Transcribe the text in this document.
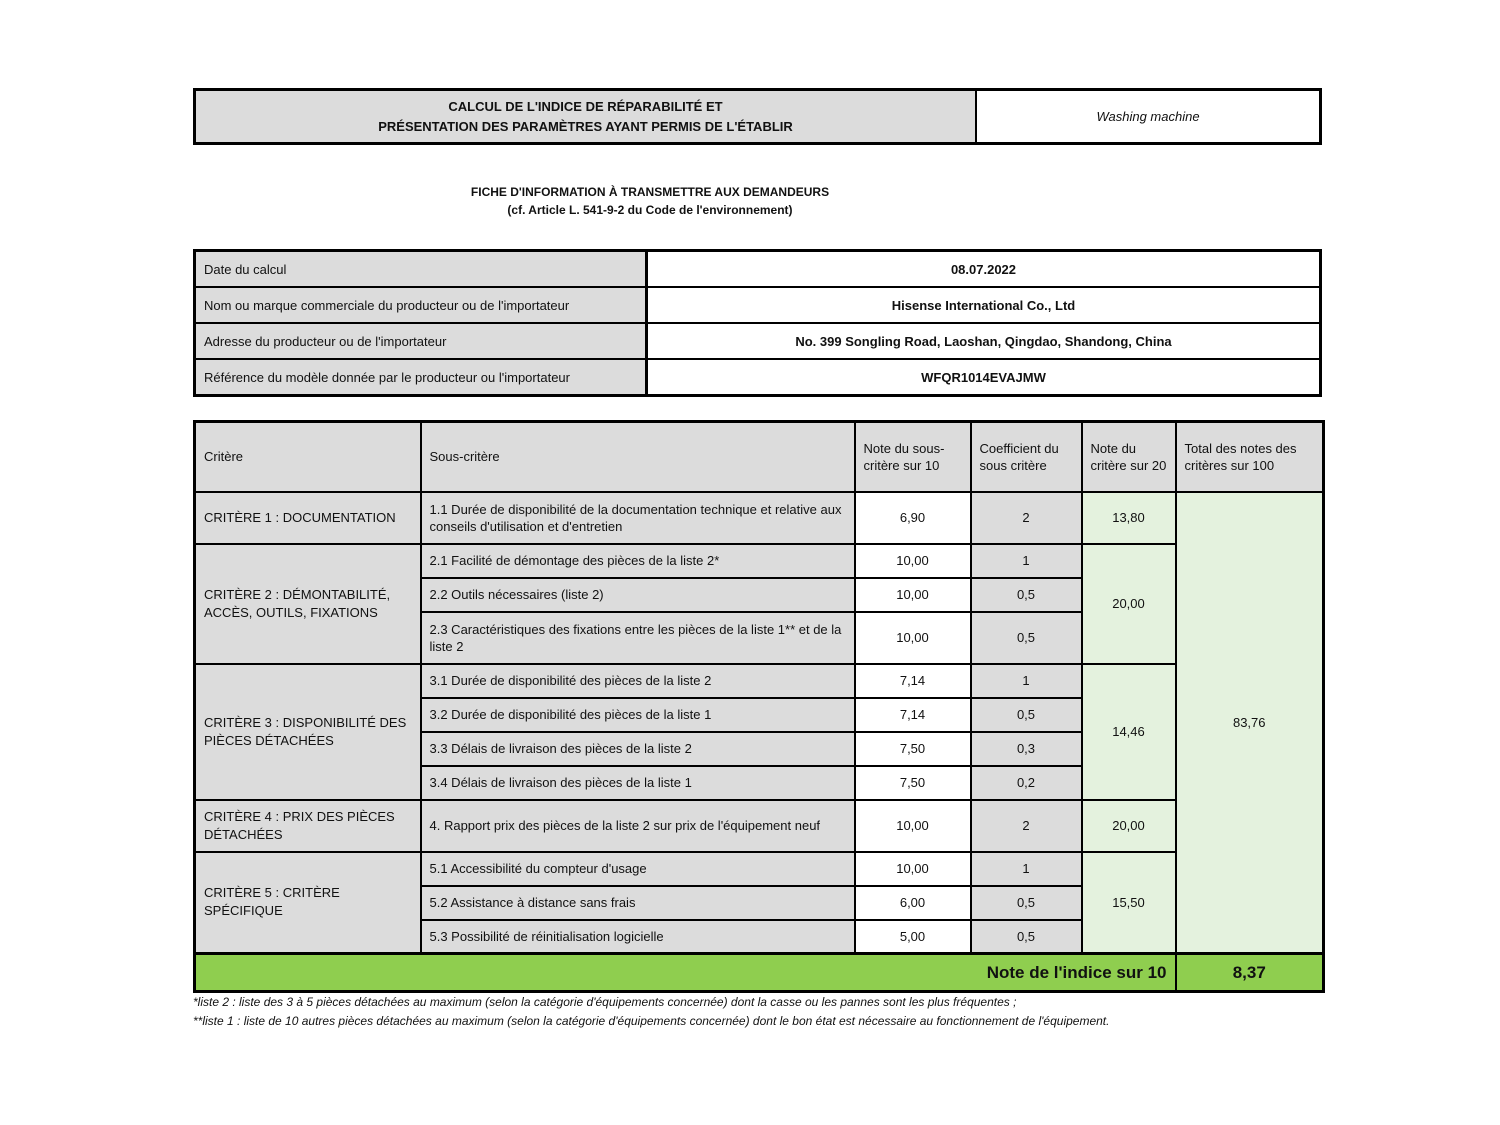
CALCUL DE L'INDICE DE RÉPARABILITÉ ET
PRÉSENTATION DES PARAMÈTRES AYANT PERMIS DE L'ÉTABLIR
Washing machine
FICHE D'INFORMATION À TRANSMETTRE AUX DEMANDEURS
(cf. Article L. 541-9-2 du Code de l'environnement)
Date du calcul	08.07.2022
Nom ou marque commerciale du producteur ou de l'importateur	Hisense International Co., Ltd
Adresse du producteur ou de l'importateur	No. 399 Songling Road, Laoshan, Qingdao, Shandong, China
Référence du modèle donnée par le producteur ou l'importateur	WFQR1014EVAJMW
Critère	Sous-critère	Note du sous-critère sur 10	Coefficient du sous critère	Note du critère sur 20	Total des notes des critères sur 100
CRITÈRE 1 : DOCUMENTATION	1.1 Durée de disponibilité de la documentation technique et relative aux conseils d'utilisation et d'entretien	6,90	2	13,80	83,76
CRITÈRE 2 : DÉMONTABILITÉ, ACCÈS, OUTILS, FIXATIONS	2.1 Facilité de démontage des pièces de la liste 2*	10,00	1	20,00	
	2.2 Outils nécessaires (liste 2)	10,00	0,5		
	2.3 Caractéristiques des fixations entre les pièces de la liste 1** et de la liste 2	10,00	0,5		
CRITÈRE 3 : DISPONIBILITÉ DES PIÈCES DÉTACHÉES	3.1 Durée de disponibilité des pièces de la liste 2	7,14	1	14,46	
	3.2 Durée de disponibilité des pièces de la liste 1	7,14	0,5		
	3.3 Délais de livraison des pièces de la liste 2	7,50	0,3		
	3.4 Délais de livraison des pièces de la liste 1	7,50	0,2		
CRITÈRE 4 : PRIX DES PIÈCES DÉTACHÉES	4. Rapport prix des pièces de la liste 2 sur prix de l'équipement neuf	10,00	2	20,00	
CRITÈRE 5 : CRITÈRE SPÉCIFIQUE	5.1 Accessibilité du compteur d'usage	10,00	1	15,50	
	5.2 Assistance à distance sans frais	6,00	0,5		
	5.3 Possibilité de réinitialisation logicielle	5,00	0,5		
Note de l'indice sur 10					8,37
*liste 2 : liste des 3 à 5 pièces détachées au maximum (selon la catégorie d'équipements concernée) dont la casse ou les pannes sont les plus fréquentes ;
**liste 1 : liste de 10 autres pièces détachées au maximum (selon la catégorie d'équipements concernée) dont le bon état est nécessaire au fonctionnement de l'équipement.
